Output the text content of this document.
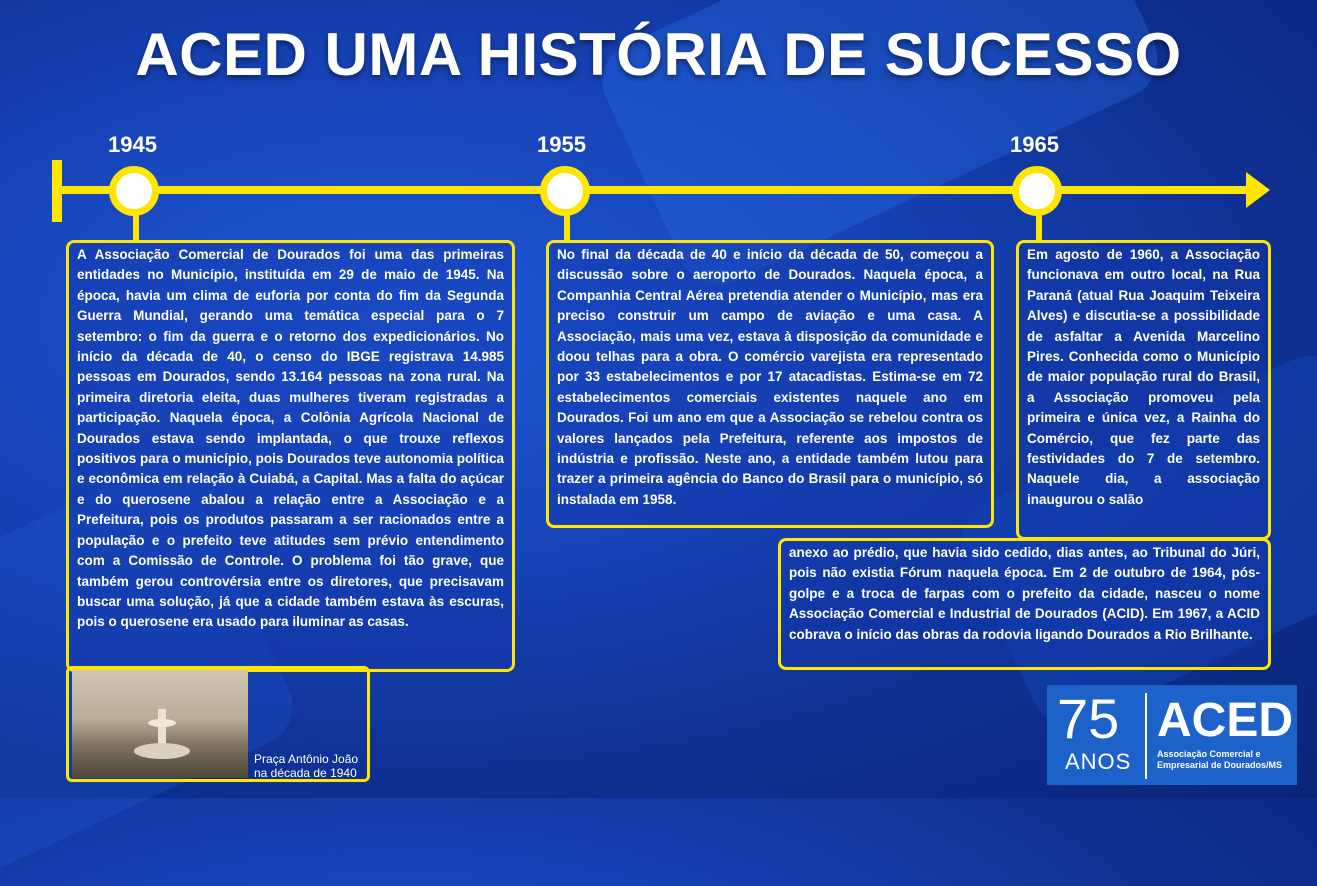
ACED UMA HISTÓRIA DE SUCESSO
1945	1955	1965
A Associação Comercial de Dourados foi uma das primeiras entidades no Município, instituída em 29 de maio de 1945. Na época, havia um clima de euforia por conta do fim da Segunda Guerra Mundial, gerando uma temática especial para o 7 setembro: o fim da guerra e o retorno dos expedicionários. No início da década de 40, o censo do IBGE registrava 14.985 pessoas em Dourados, sendo 13.164 pessoas na zona rural. Na primeira diretoria eleita, duas mulheres tiveram registradas a participação. Naquela época, a Colônia Agrícola Nacional de Dourados estava sendo implantada, o que trouxe reflexos positivos para o município, pois Dourados teve autonomia política e econômica em relação à Cuiabá, a Capital. Mas a falta do açúcar e do querosene abalou a relação entre a Associação e a Prefeitura, pois os produtos passaram a ser racionados entre a população e o prefeito teve atitudes sem prévio entendimento com a Comissão de Controle. O problema foi tão grave, que também gerou controvérsia entre os diretores, que precisavam buscar uma solução, já que a cidade também estava às escuras, pois o querosene era usado para iluminar as casas.
No final da década de 40 e início da década de 50, começou a discussão sobre o aeroporto de Dourados. Naquela época, a Companhia Central Aérea pretendia atender o Município, mas era preciso construir um campo de aviação e uma casa. A Associação, mais uma vez, estava à disposição da comunidade e doou telhas para a obra. O comércio varejista era representado por 33 estabelecimentos e por 17 atacadistas. Estima-se em 72 estabelecimentos comerciais existentes naquele ano em Dourados. Foi um ano em que a Associação se rebelou contra os valores lançados pela Prefeitura, referente aos impostos de indústria e profissão. Neste ano, a entidade também lutou para trazer a primeira agência do Banco do Brasil para o município, só instalada em 1958.
Em agosto de 1960, a Associação funcionava em outro local, na Rua Paraná (atual Rua Joaquim Teixeira Alves) e discutia-se a possibilidade de asfaltar a Avenida Marcelino Pires. Conhecida como o Município de maior população rural do Brasil, a Associação promoveu pela primeira e única vez, a Rainha do Comércio, que fez parte das festividades do 7 de setembro. Naquele dia, a associação inaugurou o salão
anexo ao prédio, que havia sido cedido, dias antes, ao Tribunal do Júri, pois não existia Fórum naquela época. Em 2 de outubro de 1964, pós-golpe e a troca de farpas com o prefeito da cidade, nasceu o nome Associação Comercial e Industrial de Dourados (ACID). Em 1967, a ACID cobrava o início das obras da rodovia ligando Dourados a Rio Brilhante.
Praça Antônio João
na década de 1940
75
ANOS
ACED
Associação Comercial e
Empresarial de Dourados/MS
